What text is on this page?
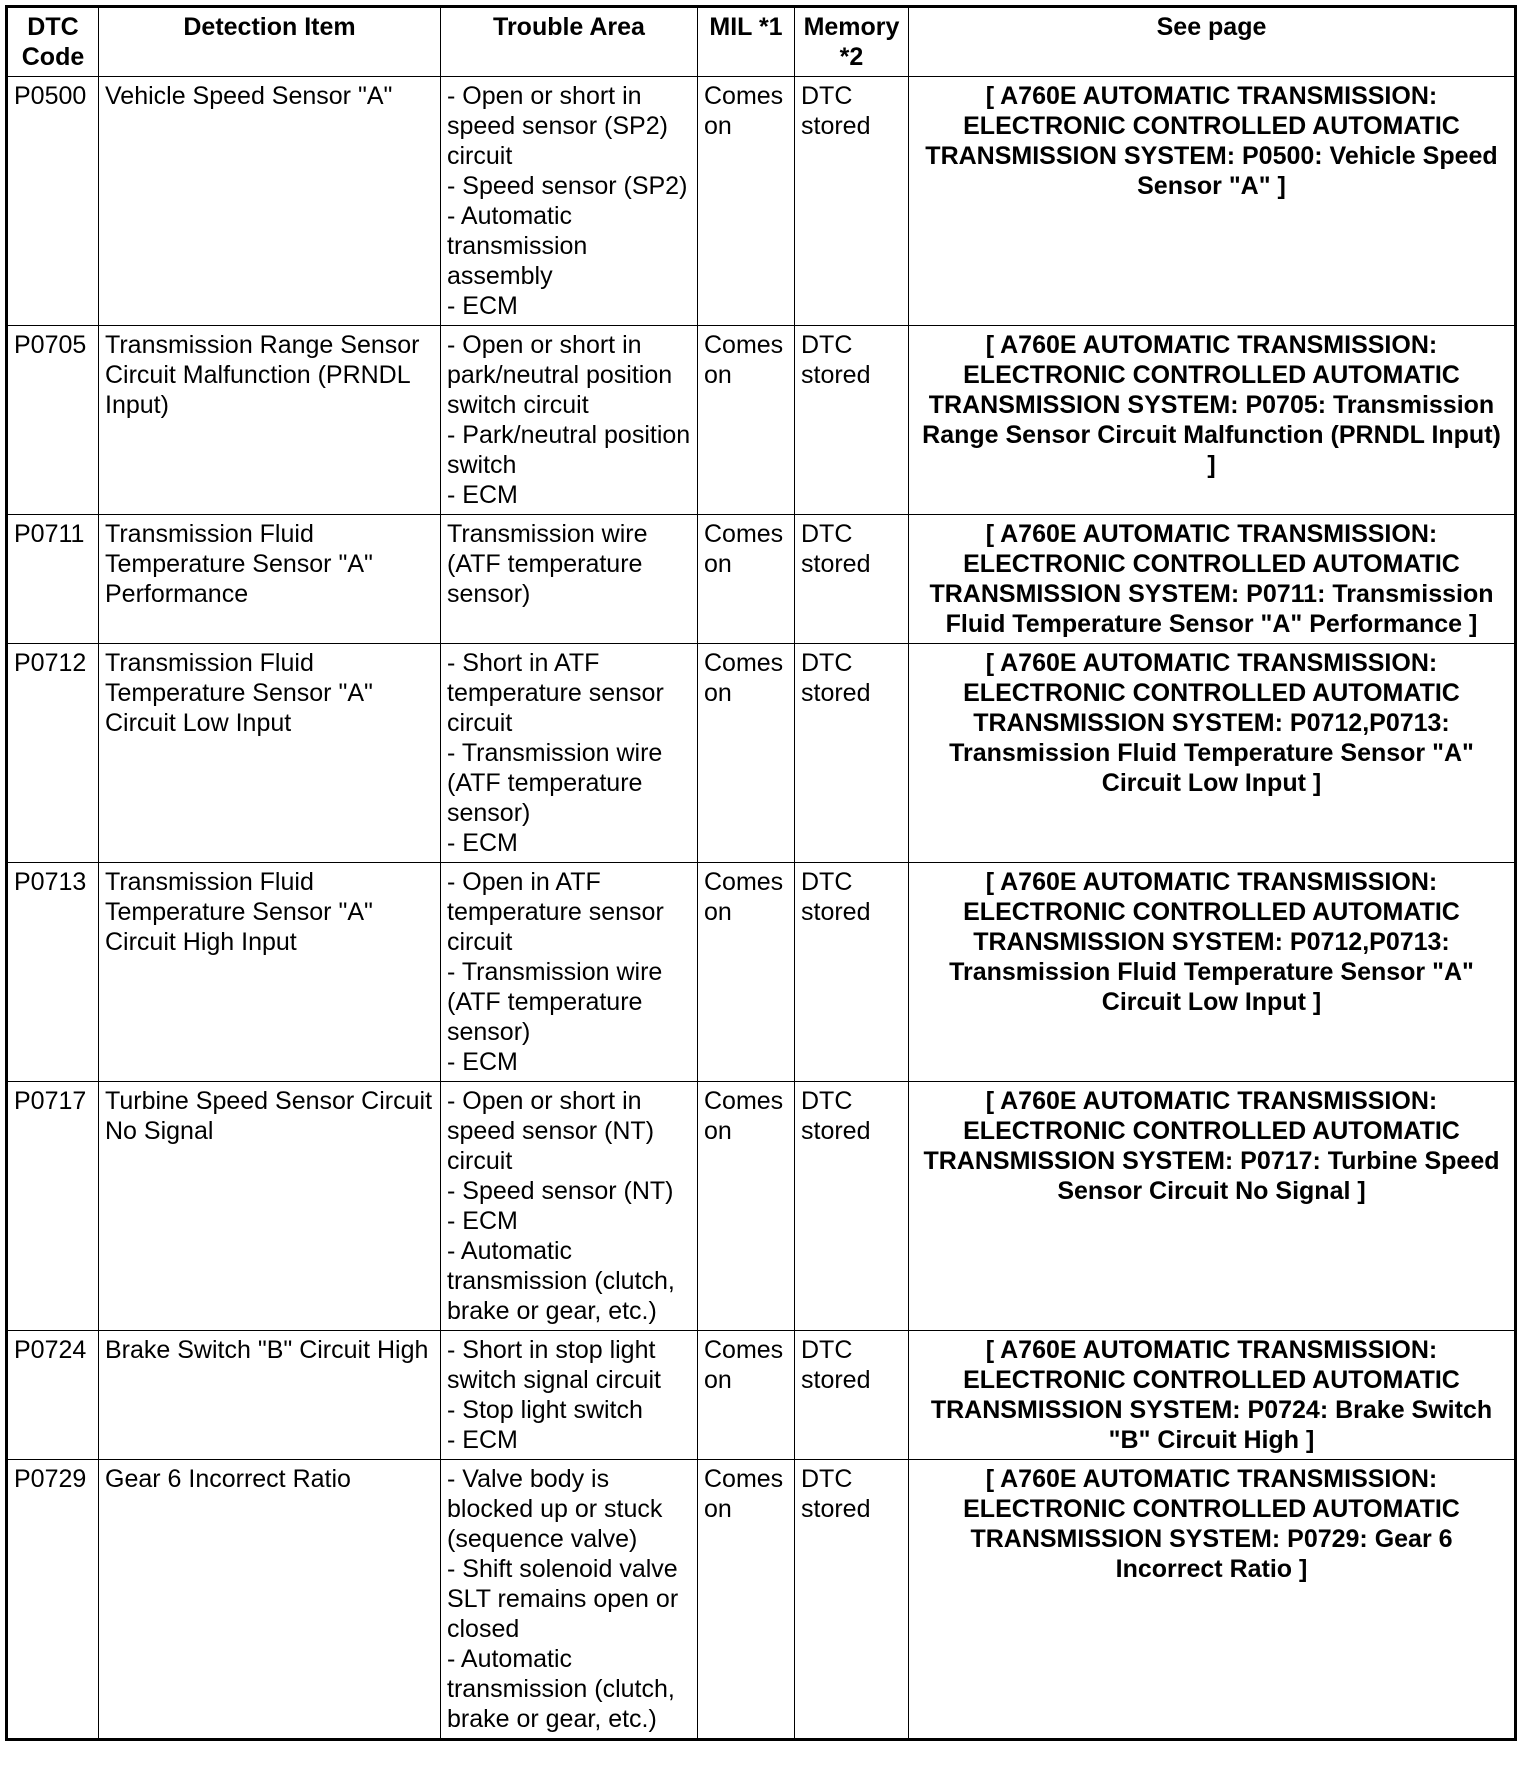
DTC Code	Detection Item	Trouble Area	MIL *1	Memory *2	See page
P0500	Vehicle Speed Sensor "A"	- Open or short in speed sensor (SP2) circuit
- Speed sensor (SP2)
- Automatic transmission assembly
- ECM	Comes on	DTC stored	[ A760E AUTOMATIC TRANSMISSION: ELECTRONIC CONTROLLED AUTOMATIC TRANSMISSION SYSTEM: P0500: Vehicle Speed Sensor "A" ]
P0705	Transmission Range Sensor Circuit Malfunction (PRNDL Input)	- Open or short in park/neutral position switch circuit
- Park/neutral position switch
- ECM	Comes on	DTC stored	[ A760E AUTOMATIC TRANSMISSION: ELECTRONIC CONTROLLED AUTOMATIC TRANSMISSION SYSTEM: P0705: Transmission Range Sensor Circuit Malfunction (PRNDL Input) ]
P0711	Transmission Fluid Temperature Sensor "A" Performance	Transmission wire (ATF temperature sensor)	Comes on	DTC stored	[ A760E AUTOMATIC TRANSMISSION: ELECTRONIC CONTROLLED AUTOMATIC TRANSMISSION SYSTEM: P0711: Transmission Fluid Temperature Sensor "A" Performance ]
P0712	Transmission Fluid Temperature Sensor "A" Circuit Low Input	- Short in ATF temperature sensor circuit
- Transmission wire (ATF temperature sensor)
- ECM	Comes on	DTC stored	[ A760E AUTOMATIC TRANSMISSION: ELECTRONIC CONTROLLED AUTOMATIC TRANSMISSION SYSTEM: P0712,P0713: Transmission Fluid Temperature Sensor "A" Circuit Low Input ]
P0713	Transmission Fluid Temperature Sensor "A" Circuit High Input	- Open in ATF temperature sensor circuit
- Transmission wire (ATF temperature sensor)
- ECM	Comes on	DTC stored	[ A760E AUTOMATIC TRANSMISSION: ELECTRONIC CONTROLLED AUTOMATIC TRANSMISSION SYSTEM: P0712,P0713: Transmission Fluid Temperature Sensor "A" Circuit Low Input ]
P0717	Turbine Speed Sensor Circuit No Signal	- Open or short in speed sensor (NT) circuit
- Speed sensor (NT)
- ECM
- Automatic transmission (clutch, brake or gear, etc.)	Comes on	DTC stored	[ A760E AUTOMATIC TRANSMISSION: ELECTRONIC CONTROLLED AUTOMATIC TRANSMISSION SYSTEM: P0717: Turbine Speed Sensor Circuit No Signal ]
P0724	Brake Switch "B" Circuit High	- Short in stop light switch signal circuit
- Stop light switch
- ECM	Comes on	DTC stored	[ A760E AUTOMATIC TRANSMISSION: ELECTRONIC CONTROLLED AUTOMATIC TRANSMISSION SYSTEM: P0724: Brake Switch "B" Circuit High ]
P0729	Gear 6 Incorrect Ratio	- Valve body is blocked up or stuck (sequence valve)
- Shift solenoid valve SLT remains open or closed
- Automatic transmission (clutch, brake or gear, etc.)	Comes on	DTC stored	[ A760E AUTOMATIC TRANSMISSION: ELECTRONIC CONTROLLED AUTOMATIC TRANSMISSION SYSTEM: P0729: Gear 6 Incorrect Ratio ]
